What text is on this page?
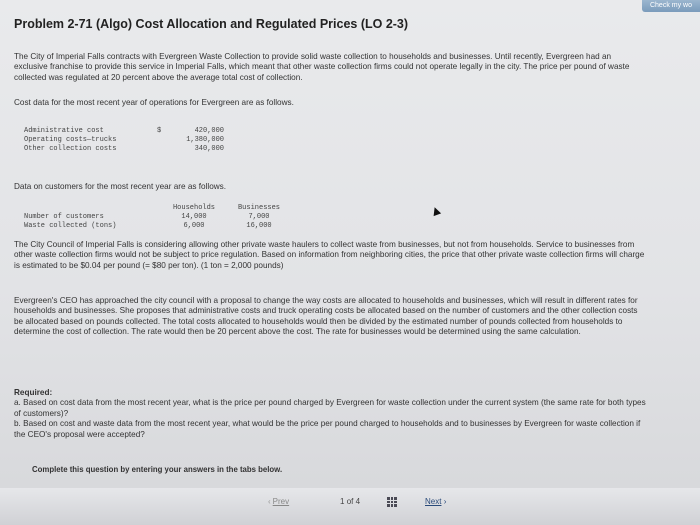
Check my wo
Problem 2-71 (Algo) Cost Allocation and Regulated Prices (LO 2-3)
The City of Imperial Falls contracts with Evergreen Waste Collection to provide solid waste collection to households and businesses. Until recently, Evergreen had an exclusive franchise to provide this service in Imperial Falls, which meant that other waste collection firms could not operate legally in the city. The price per pound of waste collected was regulated at 20 percent above the average total cost of collection.
Cost data for the most recent year of operations for Evergreen are as follows.
Administrative cost	$	420,000
Operating costs—trucks	1,380,000
Other collection costs	340,000
Data on customers for the most recent year are as follows.
Households	Businesses
Number of customers	14,000	7,000
Waste collected (tons)	6,000	16,000
The City Council of Imperial Falls is considering allowing other private waste haulers to collect waste from businesses, but not from households. Service to businesses from other waste collection firms would not be subject to price regulation. Based on information from neighboring cities, the price that other private waste collection firms will charge is estimated to be $0.04 per pound (= $80 per ton). (1 ton = 2,000 pounds)
Evergreen's CEO has approached the city council with a proposal to change the way costs are allocated to households and businesses, which will result in different rates for households and businesses. She proposes that administrative costs and truck operating costs be allocated based on the number of customers and the other collection costs be allocated based on pounds collected. The total costs allocated to households would then be divided by the estimated number of pounds collected from households to determine the cost of collection. The rate would then be 20 percent above the cost. The rate for businesses would be determined using the same calculation.
Required:
a. Based on cost data from the most recent year, what is the price per pound charged by Evergreen for waste collection under the current system (the same rate for both types of customers)?
b. Based on cost and waste data from the most recent year, what would be the price per pound charged to households and to businesses by Evergreen for waste collection if the CEO's proposal were accepted?
Complete this question by entering your answers in the tabs below.
‹ Prev	1 of 4	Next ›
